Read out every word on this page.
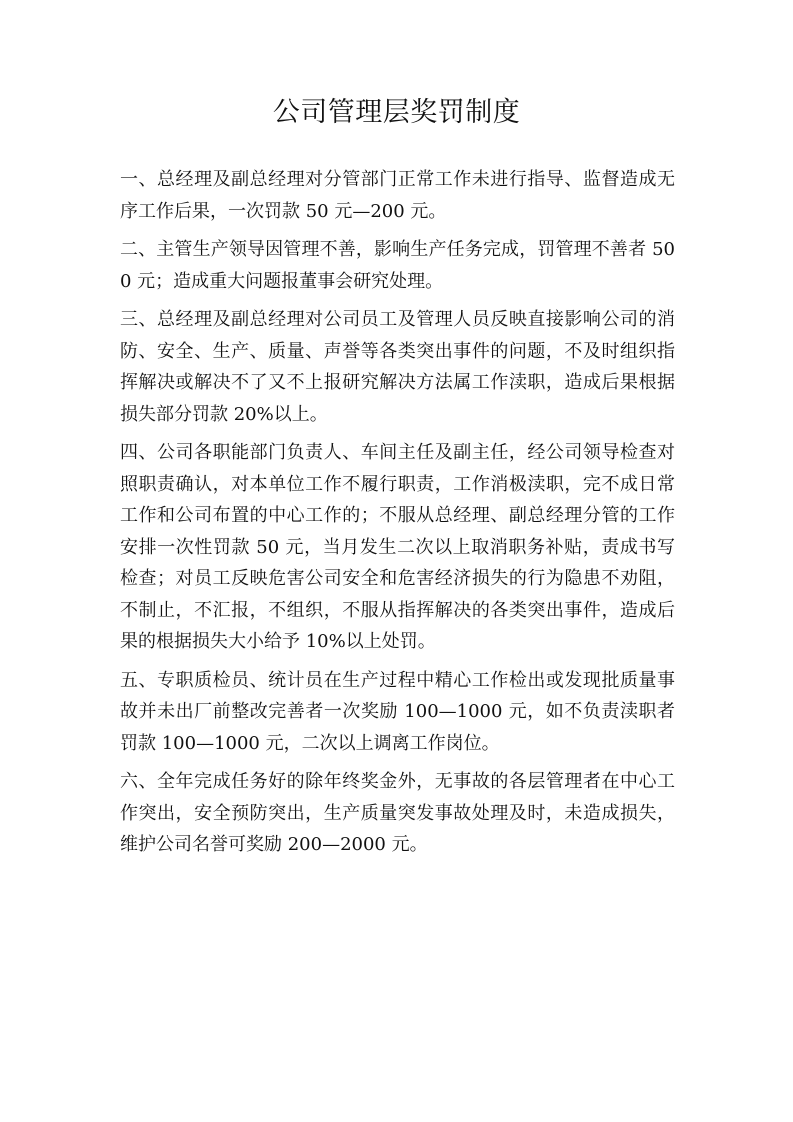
公司管理层奖罚制度

一、总经理及副总经理对分管部门正常工作未进行指导、监督造成无序工作后果，一次罚款 50 元—200 元。

二、主管生产领导因管理不善，影响生产任务完成，罚管理不善者 500 元；造成重大问题报董事会研究处理。

三、总经理及副总经理对公司员工及管理人员反映直接影响公司的消防、安全、生产、质量、声誉等各类突出事件的问题，不及时组织指挥解决或解决不了又不上报研究解决方法属工作渎职，造成后果根据损失部分罚款 20%以上。

四、公司各职能部门负责人、车间主任及副主任，经公司领导检查对照职责确认，对本单位工作不履行职责，工作消极渎职，完不成日常工作和公司布置的中心工作的；不服从总经理、副总经理分管的工作安排一次性罚款 50 元，当月发生二次以上取消职务补贴，责成书写检查；对员工反映危害公司安全和危害经济损失的行为隐患不劝阻，不制止，不汇报，不组织，不服从指挥解决的各类突出事件，造成后果的根据损失大小给予 10%以上处罚。

五、专职质检员、统计员在生产过程中精心工作检出或发现批质量事故并未出厂前整改完善者一次奖励 100—1000 元，如不负责渎职者罚款 100—1000 元，二次以上调离工作岗位。

六、全年完成任务好的除年终奖金外，无事故的各层管理者在中心工作突出，安全预防突出，生产质量突发事故处理及时，未造成损失，维护公司名誉可奖励 200—2000 元。
